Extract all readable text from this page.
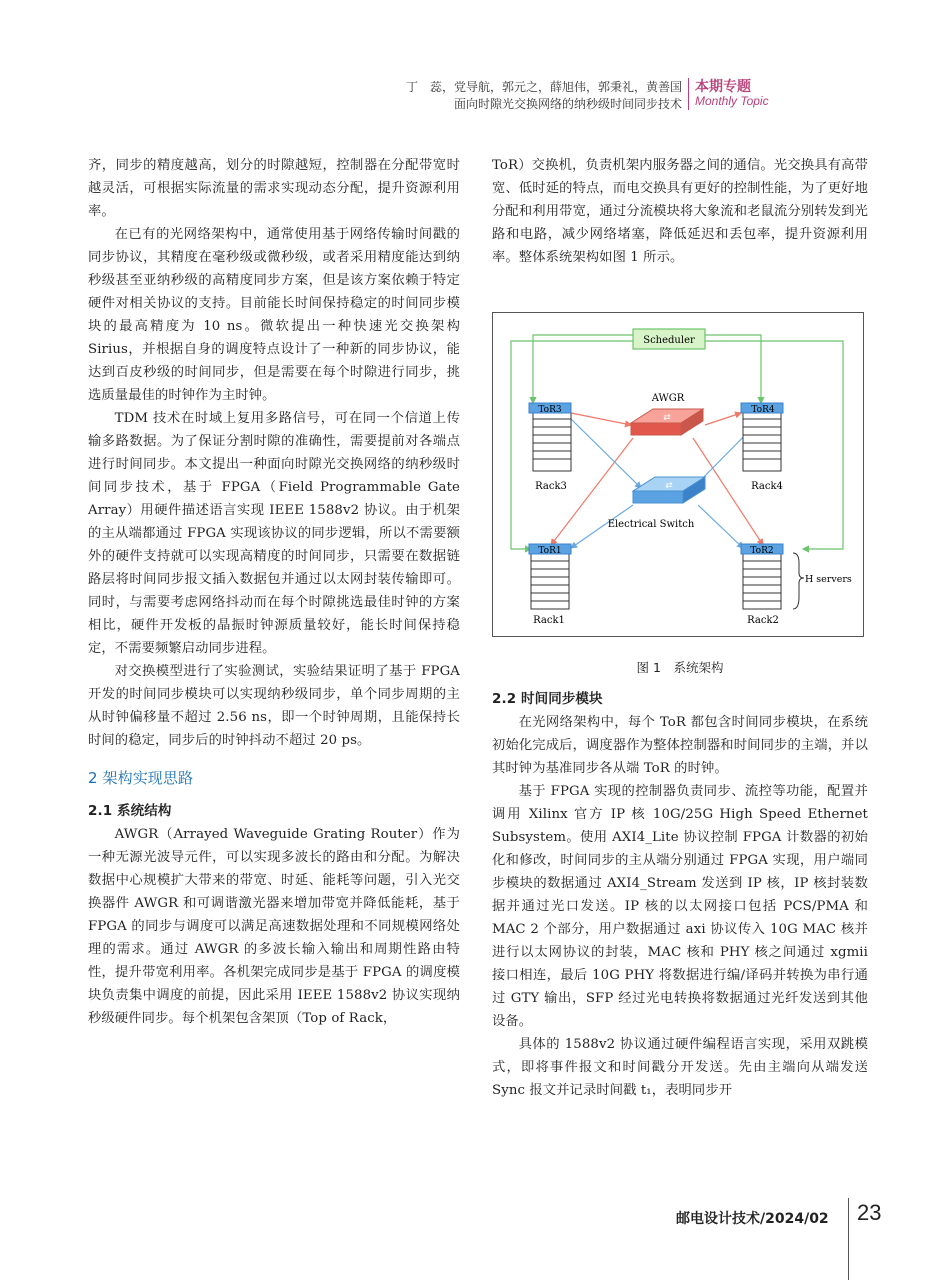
丁　蕊，党导航，郭元之，薛旭伟，郭秉礼，黄善国
面向时隙光交换网络的纳秒级时间同步技术
本期专题
Monthly Topic

齐，同步的精度越高，划分的时隙越短，控制器在分配带宽时越灵活，可根据实际流量的需求实现动态分配，提升资源利用率。

在已有的光网络架构中，通常使用基于网络传输时间戳的同步协议，其精度在毫秒级或微秒级，或者采用精度能达到纳秒级甚至亚纳秒级的高精度同步方案，但是该方案依赖于特定硬件对相关协议的支持。目前能长时间保持稳定的时间同步模块的最高精度为 10 ns。微软提出一种快速光交换架构 Sirius，并根据自身的调度特点设计了一种新的同步协议，能达到百皮秒级的时间同步，但是需要在每个时隙进行同步，挑选质量最佳的时钟作为主时钟。

TDM 技术在时域上复用多路信号，可在同一个信道上传输多路数据。为了保证分割时隙的准确性，需要提前对各端点进行时间同步。本文提出一种面向时隙光交换网络的纳秒级时间同步技术，基于 FPGA（Field Programmable Gate Array）用硬件描述语言实现 IEEE 1588v2 协议。由于机架的主从端都通过 FPGA 实现该协议的同步逻辑，所以不需要额外的硬件支持就可以实现高精度的时间同步，只需要在数据链路层将时间同步报文插入数据包并通过以太网封装传输即可。同时，与需要考虑网络抖动而在每个时隙挑选最佳时钟的方案相比，硬件开发板的晶振时钟源质量较好，能长时间保持稳定，不需要频繁启动同步进程。

对交换模型进行了实验测试，实验结果证明了基于 FPGA 开发的时间同步模块可以实现纳秒级同步，单个同步周期的主从时钟偏移量不超过 2.56 ns，即一个时钟周期，且能保持长时间的稳定，同步后的时钟抖动不超过 20 ps。

2 架构实现思路

2.1 系统结构

AWGR（Arrayed Waveguide Grating Router）作为一种无源光波导元件，可以实现多波长的路由和分配。为解决数据中心规模扩大带来的带宽、时延、能耗等问题，引入光交换器件 AWGR 和可调谐激光器来增加带宽并降低能耗，基于 FPGA 的同步与调度可以满足高速数据处理和不同规模网络处理的需求。通过 AWGR 的多波长输入输出和周期性路由特性，提升带宽利用率。各机架完成同步是基于 FPGA 的调度模块负责集中调度的前提，因此采用 IEEE 1588v2 协议实现纳秒级硬件同步。每个机架包含架顶（Top of Rack，

ToR）交换机，负责机架内服务器之间的通信。光交换具有高带宽、低时延的特点，而电交换具有更好的控制性能，为了更好地分配和利用带宽，通过分流模块将大象流和老鼠流分别转发到光路和电路，减少网络堵塞，降低延迟和丢包率，提升资源利用率。整体系统架构如图 1 所示。

Scheduler
⇄
AWGR
⇄
Electrical Switch
ToR3
Rack3
ToR4
Rack4
ToR1
Rack1
ToR2
Rack2
H servers
图 1　系统架构

2.2 时间同步模块

在光网络架构中，每个 ToR 都包含时间同步模块，在系统初始化完成后，调度器作为整体控制器和时间同步的主端，并以其时钟为基准同步各从端 ToR 的时钟。

基于 FPGA 实现的控制器负责同步、流控等功能，配置并调用 Xilinx 官方 IP 核 10G/25G High Speed Ethernet Subsystem。使用 AXI4_Lite 协议控制 FPGA 计数器的初始化和修改，时间同步的主从端分别通过 FPGA 实现，用户端同步模块的数据通过 AXI4_Stream 发送到 IP 核，IP 核封装数据并通过光口发送。IP 核的以太网接口包括 PCS/PMA 和 MAC 2 个部分，用户数据通过 axi 协议传入 10G MAC 核并进行以太网协议的封装，MAC 核和 PHY 核之间通过 xgmii 接口相连，最后 10G PHY 将数据进行编/译码并转换为串行通过 GTY 输出，SFP 经过光电转换将数据通过光纤发送到其他设备。

具体的 1588v2 协议通过硬件编程语言实现，采用双跳模式，即将事件报文和时间戳分开发送。先由主端向从端发送 Sync 报文并记录时间戳 t₁，表明同步开

邮电设计技术/2024/02 23
